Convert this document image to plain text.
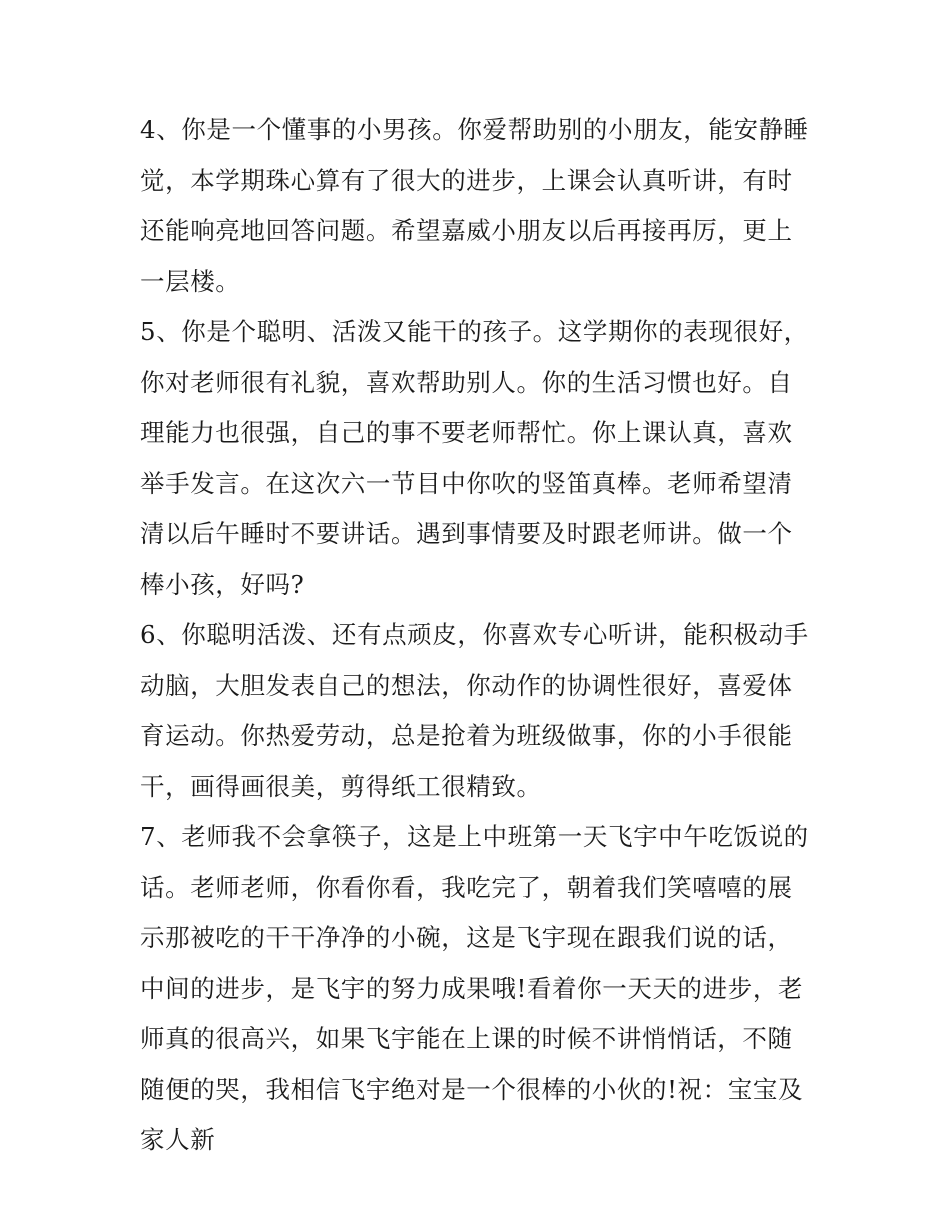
4、你是一个懂事的小男孩。你爱帮助别的小朋友，能安静睡觉，本学期珠心算有了很大的进步，上课会认真听讲，有时还能响亮地回答问题。希望嘉威小朋友以后再接再厉，更上一层楼。

5、你是个聪明、活泼又能干的孩子。这学期你的表现很好，你对老师很有礼貌，喜欢帮助别人。你的生活习惯也好。自理能力也很强，自己的事不要老师帮忙。你上课认真，喜欢举手发言。在这次六一节目中你吹的竖笛真棒。老师希望清清以后午睡时不要讲话。遇到事情要及时跟老师讲。做一个棒小孩，好吗?

6、你聪明活泼、还有点顽皮，你喜欢专心听讲，能积极动手动脑，大胆发表自己的想法，你动作的协调性很好，喜爱体育运动。你热爱劳动，总是抢着为班级做事，你的小手很能干，画得画很美，剪得纸工很精致。

7、老师我不会拿筷子，这是上中班第一天飞宇中午吃饭说的话。老师老师，你看你看，我吃完了，朝着我们笑嘻嘻的展示那被吃的干干净净的小碗，这是飞宇现在跟我们说的话，中间的进步，是飞宇的努力成果哦!看着你一天天的进步，老师真的很高兴，如果飞宇能在上课的时候不讲悄悄话，不随随便的哭，我相信飞宇绝对是一个很棒的小伙的!祝：宝宝及家人新
